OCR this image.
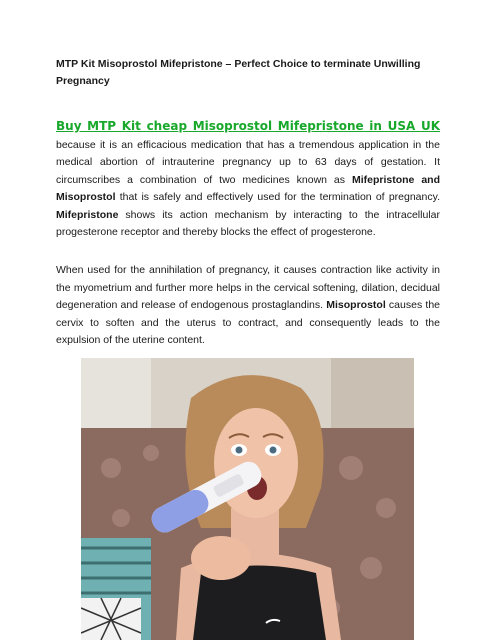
MTP Kit Misoprostol Mifepristone – Perfect Choice to terminate Unwilling Pregnancy

Buy MTP Kit cheap Misoprostol Mifepristone in USA UK because it is an efficacious medication that has a tremendous application in the medical abortion of intrauterine pregnancy up to 63 days of gestation. It circumscribes a combination of two medicines known as Mifepristone and Misoprostol that is safely and effectively used for the termination of pregnancy. Mifepristone shows its action mechanism by interacting to the intracellular progesterone receptor and thereby blocks the effect of progesterone.

When used for the annihilation of pregnancy, it causes contraction like activity in the myometrium and further more helps in the cervical softening, dilation, decidual degeneration and release of endogenous prostaglandins. Misoprostol causes the cervix to soften and the uterus to contract, and consequently leads to the expulsion of the uterine content.
